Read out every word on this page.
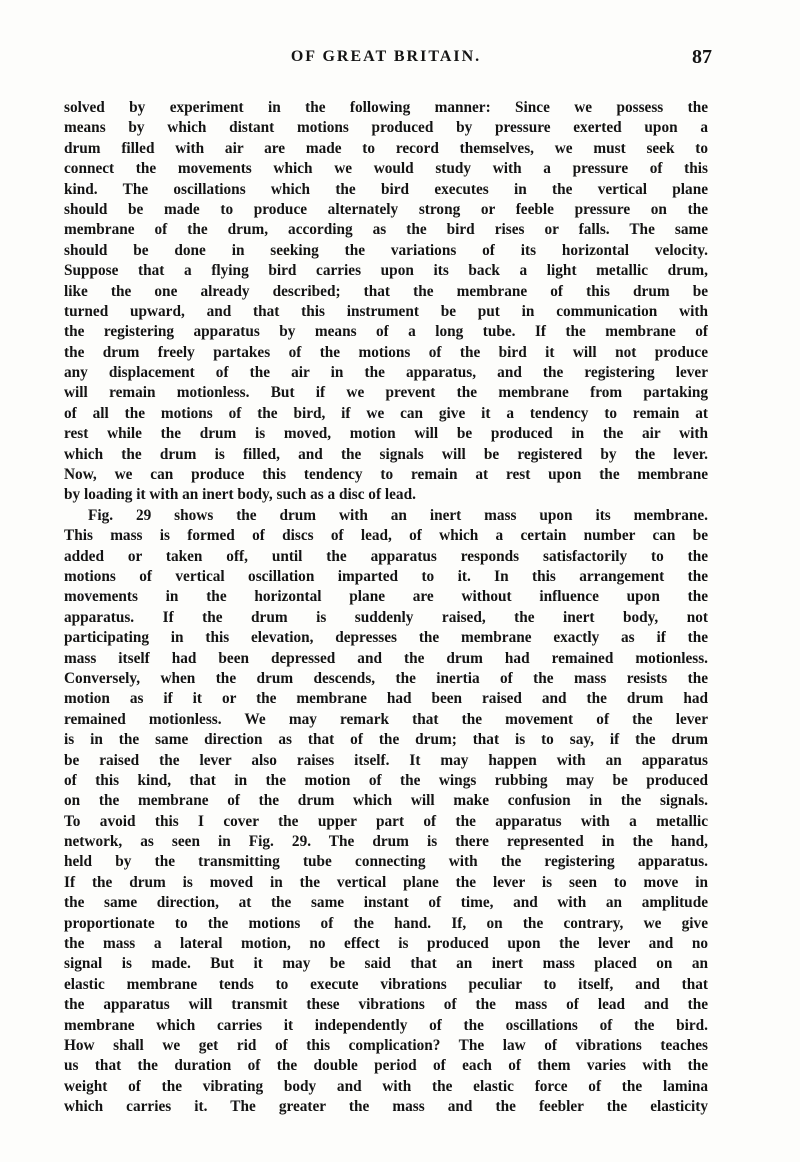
OF GREAT BRITAIN.	87
solved by experiment in the following manner: Since we possess the
means by which distant motions produced by pressure exerted upon a
drum filled with air are made to record themselves, we must seek to
connect the movements which we would study with a pressure of this
kind. The oscillations which the bird executes in the vertical plane
should be made to produce alternately strong or feeble pressure on the
membrane of the drum, according as the bird rises or falls. The same
should be done in seeking the variations of its horizontal velocity.
Suppose that a flying bird carries upon its back a light metallic drum,
like the one already described; that the membrane of this drum be
turned upward, and that this instrument be put in communication with
the registering apparatus by means of a long tube. If the membrane of
the drum freely partakes of the motions of the bird it will not produce
any displacement of the air in the apparatus, and the registering lever
will remain motionless. But if we prevent the membrane from partaking
of all the motions of the bird, if we can give it a tendency to remain at
rest while the drum is moved, motion will be produced in the air with
which the drum is filled, and the signals will be registered by the lever.
Now, we can produce this tendency to remain at rest upon the membrane
by loading it with an inert body, such as a disc of lead.
Fig. 29 shows the drum with an inert mass upon its membrane.
This mass is formed of discs of lead, of which a certain number can be
added or taken off, until the apparatus responds satisfactorily to the
motions of vertical oscillation imparted to it. In this arrangement the
movements in the horizontal plane are without influence upon the
apparatus. If the drum is suddenly raised, the inert body, not
participating in this elevation, depresses the membrane exactly as if the
mass itself had been depressed and the drum had remained motionless.
Conversely, when the drum descends, the inertia of the mass resists the
motion as if it or the membrane had been raised and the drum had
remained motionless. We may remark that the movement of the lever
is in the same direction as that of the drum; that is to say, if the drum
be raised the lever also raises itself. It may happen with an apparatus
of this kind, that in the motion of the wings rubbing may be produced
on the membrane of the drum which will make confusion in the signals.
To avoid this I cover the upper part of the apparatus with a metallic
network, as seen in Fig. 29. The drum is there represented in the hand,
held by the transmitting tube connecting with the registering apparatus.
If the drum is moved in the vertical plane the lever is seen to move in
the same direction, at the same instant of time, and with an amplitude
proportionate to the motions of the hand. If, on the contrary, we give
the mass a lateral motion, no effect is produced upon the lever and no
signal is made. But it may be said that an inert mass placed on an
elastic membrane tends to execute vibrations peculiar to itself, and that
the apparatus will transmit these vibrations of the mass of lead and the
membrane which carries it independently of the oscillations of the bird.
How shall we get rid of this complication? The law of vibrations teaches
us that the duration of the double period of each of them varies with the
weight of the vibrating body and with the elastic force of the lamina
which carries it. The greater the mass and the feebler the elasticity
